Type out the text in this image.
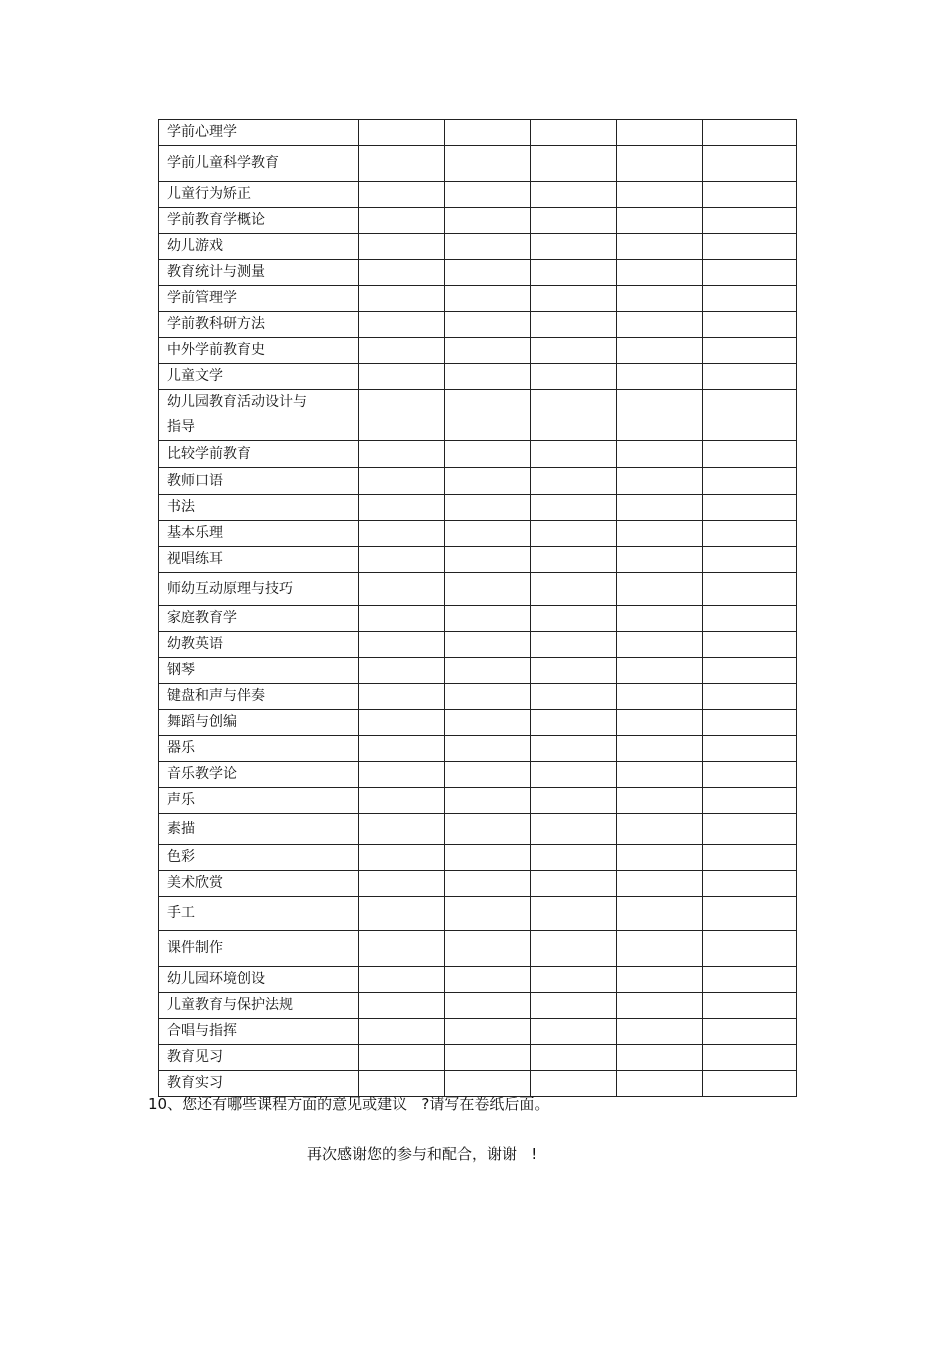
学前心理学					

学前儿童科学教育					

儿童行为矫正					

学前教育学概论					

幼儿游戏					

教育统计与测量					

学前管理学					

学前教科研方法					

中外学前教育史					

儿童文学					

幼儿园教育活动设计与
指导					

比较学前教育					

教师口语					

书法					

基本乐理					

视唱练耳					

师幼互动原理与技巧					

家庭教育学					

幼教英语					

钢琴					

键盘和声与伴奏					

舞蹈与创编					

器乐					

音乐教学论					

声乐					

素描					

色彩					

美术欣赏					

手工					

课件制作					

幼儿园环境创设					

儿童教育与保护法规					

合唱与指挥					

教育见习					

教育实习					

10、您还有哪些课程方面的意见或建议   ?请写在卷纸后面。
再次感谢您的参与和配合，谢谢   !
